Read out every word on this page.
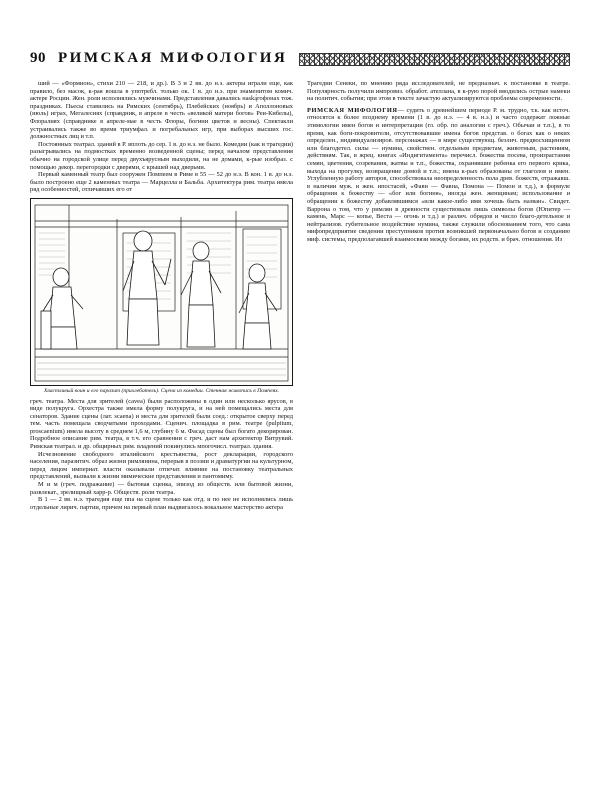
90 РИМСКАЯ МИФОЛОГИЯ

ший — «Формион», стихи 210 — 218, и др.). В 3 и 2 вв. до н.э. актеры играли еще, как правило, без масок, к-рая вошла в употребл. только ок. 1 в. до н.э. при знаменитом комич. актере Росции. Жен. роли исполнялись мужчинами. Представления давались наską́гофонах тож. праздниках. Пьесы ставились на Римских (сентябрь), Плебейских (ноябрь) и Аполлоновых (июль) играх, Мегалесиях (справдник, в апреле в честь «великой матери богов» Реи-Кибелы), Флоралиях (справднике в апреле-мае в честь Флоры, богини цветов и весны). Спектакли устраивались также во время триумфал. и погребальных игр, при выборах высших гос. должностных лиц и т.п.

Постоянных театрал. зданий в Р. вплоть до сер. 1 в. до н.э. не было. Комедии (как и трагедии) разыгрывались на подмостках временно возведенной сцены; перед началом представления обычно на городской улице перед двухъярусным выходили, на не домами, к-рые изобраз. с помощью декор. перегородки с дверями, с крышей над дверьми.

Первый каменный театр был сооружен Помпеем в Риме в 55 — 52 до н.э. В кон. 1 в. до н.э. было построено еще 2 каменных театра — Марцелла и Бальба. Архитектура рим. театра имела ряд особенностей, отличавших его от

Хвастливый воин и его паразит (прихлебатель). Сцена из комедии. Стенная живопись в Помпеях.

греч. театра. Места для зрителей (саvea) были расположены в один или несколько ярусов, в виде полукруга. Орхестра также имела форму полукруга, и на ней помещались места для сенаторов. Здание сцены (лат. scaena) и места для зрителей были соед.: открытое сверху перед тем. часть помещала сводчатыми проходами. Сценич. площадка в рим. театре (pulpitum, proscaenium) имела высоту в среднем 1,6 м, глубину 6 м. Фасад сцены был богато декорирован. Подробное описание рим. театра, в т.ч. его сравнении с греч. даст нам архитектор Витрувий. Римская театрал. и др. общирных рим. владений покинулись мпогочисл. театрал. здания.

Исчезновение свободного италийского крестьянства, рост декларации, городского населения, паразитич. образ жизни римлянина, перерыв в поэзии и драматургии на культурном, перед лицом империат. власти оказывали отпечат. влияние на постановку театральных представлений, вызвали к жизни мимические представления и пантомиму.

М и м (греч. подражание) — бытовая сценка, эпизод из обществ. или бытовой жизни, развлекат., зрелищный харр-р. Обществ. роли театра.

В 1 — 2 вв. н.э. трагедия еще ппа на сцене только как отд. и по нее не исполнялись лишь отдельные лирич. партии, причем на первый план выдвигалось вокальное мастерство актера

Трагедии Сенеки, по мнению ряда исследователей, не предназнач. к постановке в театре. Популярность получили импровиз. обработ. ателлана, в к-рую порой вводились острые намеки на политич. события; при этом в тексте зачастую актуализируются проблемы современности.

РИМСКАЯ МИФОЛОГИЯ— судить о древнейшем периоде Р. м. трудно, т.к. как источ. относятся к более позднему времени (1 в. до н.э. — 4 в. н.э.) и часто содержат ложные этимологии имен богов и интерпретации (гл. обр. по аналогии с греч.). Обычаи и т.п.), в то время, как боги-покровители, отсутствовавшие имена богов представ. о богах как о неких определен., индивидуализиров. персонажах — в мире существующ. безлич. предвосхищенном или благодетел. силы — нумина, свойствен. отдельным предметам, животным, растениям, действиям. Так, в жрец. книгах «Индигитамента» перечисл. божества посева, произрастания семян, цветения, созревания, жатвы и т.п., божества, охранявшие ребенка его первого крика, выхода на прогулку, возвращение домой и т.п.; имена к-рых образованы от глаголов и имен. Углубленную работу авторов, способствовала неопределенность пола древ. божеств, отражавш. в наличии муж. и жен. ипостасей, «Фавн — Фавна, Помона — Помон и т.д.), в формуле обращения к божеству — «бог или богиня», иногда жен. женщинам; использование и обращении к божеству добавлявшимся «или какое-либо имя хочешь быть назван». Свидет. Варрона о том, что у римлян в древности существовали лишь символы богов (Юпитер — камень, Марс — копье, Веста — огонь и т.д.) и различ. обрядов и число благо-детельное и нейтрализов. губительное воздействие нумина, также служили обоснованием того, что сама мифопредприятие сведении преступников против возникшей первоначально богов и созданию миф. системы, предполагавшей взаимосвязи между богами, их родств. и брач. отношения. Из
